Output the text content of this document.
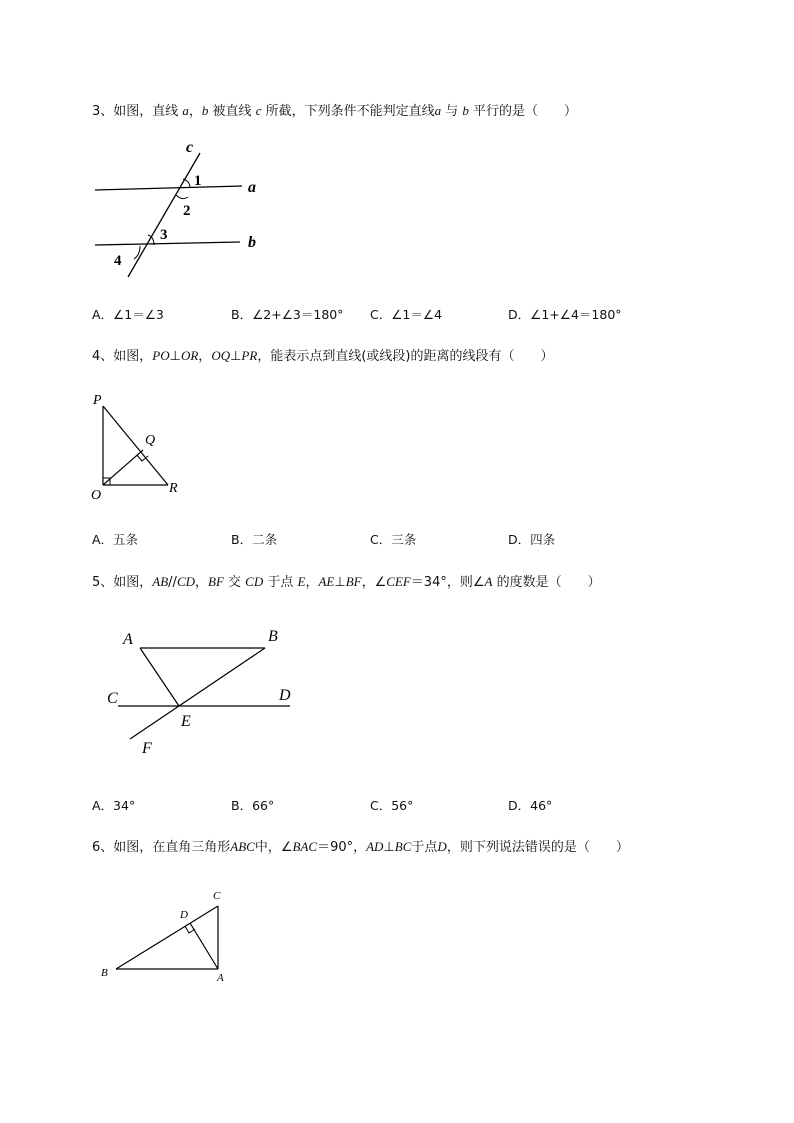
3、如图，直线 a，b 被直线 c 所截，下列条件不能判定直线a 与 b 平行的是（　　）
c
1	a
2
3	b
4
A．∠1＝∠3	B．∠2+∠3＝180° C．∠1＝∠4	D．∠1+∠4＝180°
4、如图，PO⊥OR，OQ⊥PR，能表示点到直线(或线段)的距离的线段有（　　）
P
Q
O	R
A．五条	B．二条	C．三条	D．四条
5、如图，AB//CD，BF 交 CD 于点 E，AE⊥BF，∠CEF＝34°，则∠A 的度数是（　　）
A	B
C	D
E
F
A．34°	B．66°	C．56°	D．46°
6、如图，在直角三角形ABC中，∠BAC＝90°，AD⊥BC于点D，则下列说法错误的是（　　）
C
D
B	A
